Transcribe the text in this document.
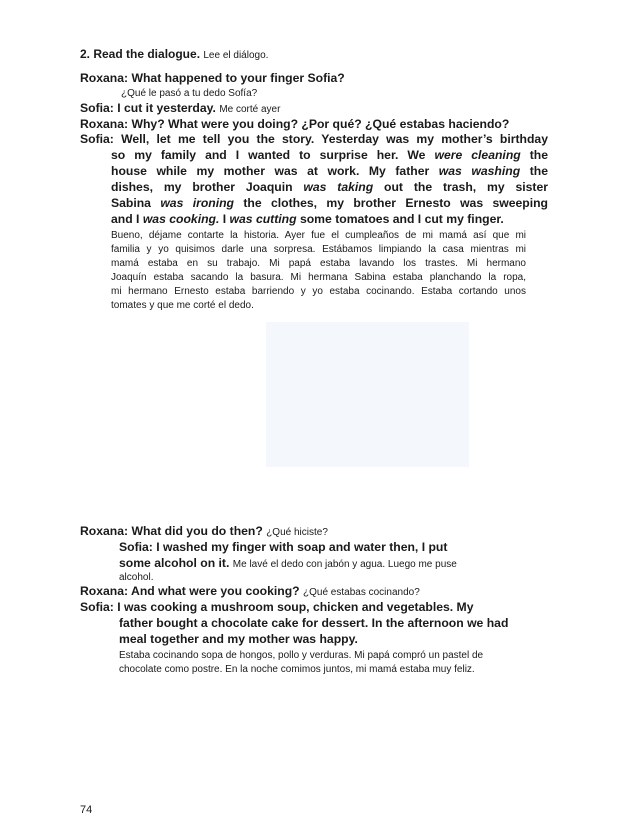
2. Read the dialogue. Lee el diálogo.
Roxana: What happened to your finger Sofia?
¿Qué le pasó a tu dedo Sofía?
Sofia: I cut it yesterday. Me corté ayer
Roxana: Why? What were you doing? ¿Por qué? ¿Qué estabas haciendo?
Sofia: Well, let me tell you the story. Yesterday was my mother’s birthday
so my family and I wanted to surprise her. We were cleaning the
house while my mother was at work. My father was washing the
dishes, my brother Joaquin was taking out the trash, my sister
Sabina was ironing the clothes, my brother Ernesto was sweeping
and I was cooking. I was cutting some tomatoes and I cut my finger.
Bueno, déjame contarte la historia. Ayer fue el cumpleaños de mi mamá así que mi
familia y yo quisimos darle una sorpresa. Estábamos limpiando la casa mientras mi
mamá estaba en su trabajo. Mi papá estaba lavando los trastes. Mi hermano
Joaquín estaba sacando la basura. Mi hermana Sabina estaba planchando la ropa,
mi hermano Ernesto estaba barriendo y yo estaba cocinando. Estaba cortando unos
tomates y que me corté el dedo.
Roxana: What did you do then? ¿Qué hiciste?
Sofia: I washed my finger with soap and water then, I put
some alcohol on it. Me lavé el dedo con jabón y agua. Luego me puse
alcohol.
Roxana: And what were you cooking? ¿Qué estabas cocinando?
Sofia: I was cooking a mushroom soup, chicken and vegetables. My
father bought a chocolate cake for dessert. In the afternoon we had
meal together and my mother was happy.
Estaba cocinando sopa de hongos, pollo y verduras. Mi papá compró un pastel de
chocolate como postre. En la noche comimos juntos, mi mamá estaba muy feliz.
74
